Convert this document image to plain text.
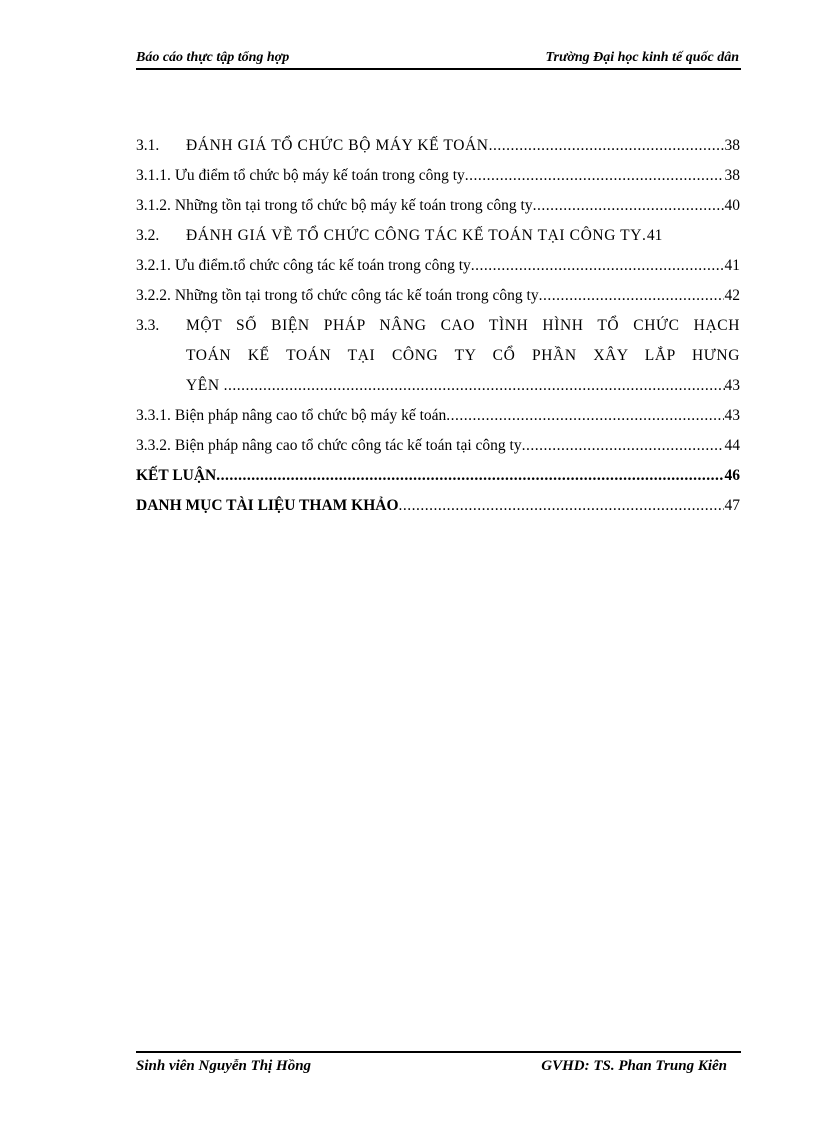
Báo cáo thực tập tổng hợp	Trường Đại học kinh tế quốc dân
3.1.	ĐÁNH GIÁ TỔ CHỨC BỘ MÁY KẾ TOÁN .....	38
3.1.1. Ưu điểm tổ chức bộ máy kế toán trong công ty .....	38
3.1.2. Những tồn tại trong tổ chức bộ máy kế toán trong công ty .....	40
3.2.	ĐÁNH GIÁ VỀ TỔ CHỨC CÔNG TÁC KẾ TOÁN TẠI CÔNG TY . 41
3.2.1. Ưu điểm.tổ chức công tác kế toán trong công ty .....	41
3.2.2. Những tồn tại trong tổ chức công tác kế toán trong công ty .....	42
3.3.	MỘT SỐ BIỆN PHÁP NÂNG CAO TÌNH HÌNH TỔ CHỨC HẠCH
TOÁN KẾ TOÁN TẠI CÔNG TY CỔ PHẦN XÂY LẮP HƯNG
YÊN .....	43
3.3.1. Biện pháp nâng cao tổ chức bộ máy kế toán .....	43
3.3.2. Biện pháp nâng cao tổ chức công tác kế toán tại công ty .....	44
KẾT LUẬN .....	46
DANH MỤC TÀI LIỆU THAM KHẢO .....	47
Sinh viên Nguyễn Thị Hồng	GVHD: TS. Phan Trung Kiên
